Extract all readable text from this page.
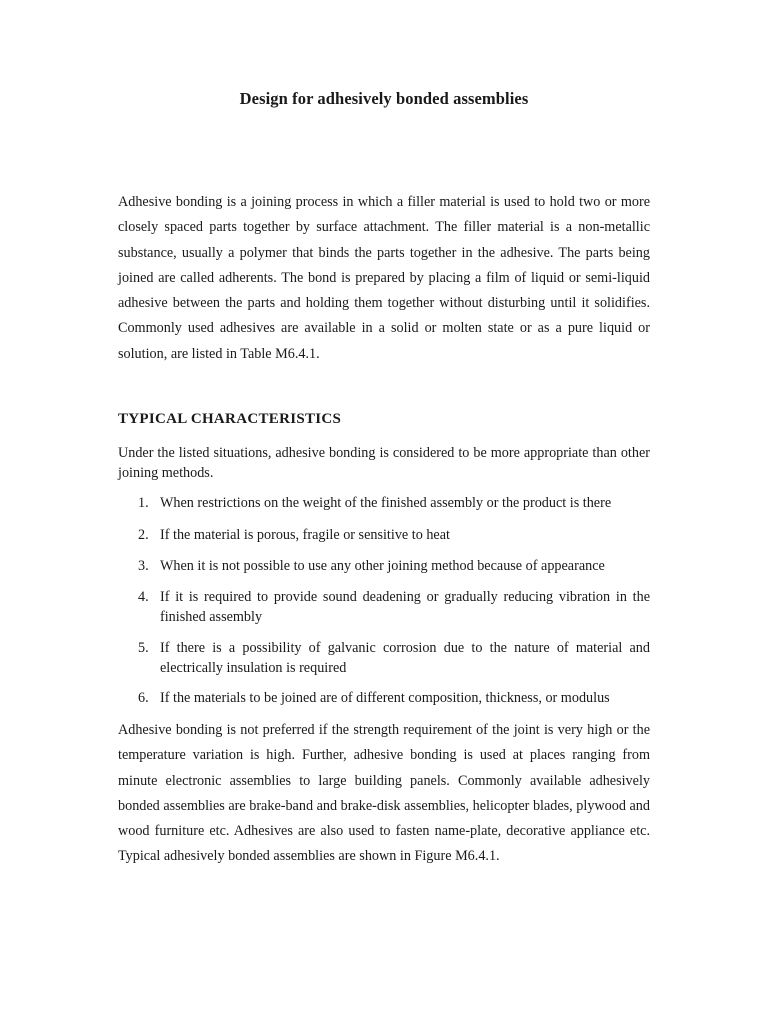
Design for adhesively bonded assemblies

Adhesive bonding is a joining process in which a filler material is used to hold two or more closely spaced parts together by surface attachment. The filler material is a non-metallic substance, usually a polymer that binds the parts together in the adhesive. The parts being joined are called adherents. The bond is prepared by placing a film of liquid or semi-liquid adhesive between the parts and holding them together without disturbing until it solidifies. Commonly used adhesives are available in a solid or molten state or as a pure liquid or solution, are listed in Table M6.4.1.

TYPICAL CHARACTERISTICS

Under the listed situations, adhesive bonding is considered to be more appropriate than other joining methods.

1. When restrictions on the weight of the finished assembly or the product is there
2. If the material is porous, fragile or sensitive to heat
3. When it is not possible to use any other joining method because of appearance
4. If it is required to provide sound deadening or gradually reducing vibration in the finished assembly
5. If there is a possibility of galvanic corrosion due to the nature of material and electrically insulation is required
6. If the materials to be joined are of different composition, thickness, or modulus

Adhesive bonding is not preferred if the strength requirement of the joint is very high or the temperature variation is high. Further, adhesive bonding is used at places ranging from minute electronic assemblies to large building panels. Commonly available adhesively bonded assemblies are brake-band and brake-disk assemblies, helicopter blades, plywood and wood furniture etc. Adhesives are also used to fasten name-plate, decorative appliance etc. Typical adhesively bonded assemblies are shown in Figure M6.4.1.
